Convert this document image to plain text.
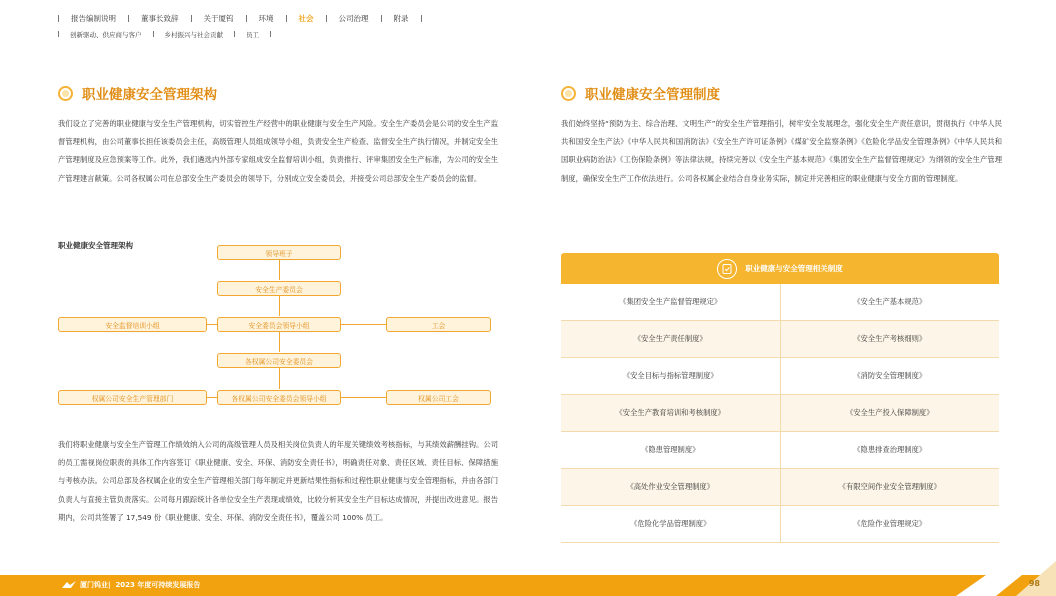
报告编制说明	董事长致辞	关于厦钨	环境	社会	公司治理	附录
创新驱动、供应商与客户	乡村振兴与社会贡献	员工
职业健康安全管理架构

我们设立了完善的职业健康与安全生产管理机构，切实管控生产经营中的职业健康与安全生产风险。安全生产委员会是公司的安全生产监督管理机构，由公司董事长担任该委员会主任，高级管理人员组成领导小组，负责安全生产检查、监督安全生产执行情况，并制定安全生产管理制度及应急预案等工作。此外，我们遴选内外部专家组成安全监督培训小组，负责推行、评审集团安全生产标准，为公司的安全生产管理建言献策。公司各权属公司在总部安全生产委员会的领导下，分别成立安全委员会，并接受公司总部安全生产委员会的监督。

职业健康安全管理架构
领导班子
安全生产委员会
安全监督培训小组	安全委员会领导小组	工会
各权属公司安全委员会
权属公司安全生产管理部门	各权属公司安全委员会领导小组	权属公司工会

我们将职业健康与安全生产管理工作绩效纳入公司的高级管理人员及相关岗位负责人的年度关键绩效考核指标，与其绩效薪酬挂钩。公司的员工需视岗位职责的具体工作内容签订《职业健康、安全、环保、消防安全责任书》，明确责任对象、责任区域、责任目标、保障措施与考核办法。公司总部及各权属企业的安全生产管理相关部门每年制定并更新结果性指标和过程性职业健康与安全管理指标，并由各部门负责人与直接主管负责落实。公司每月跟踪统计各单位安全生产表现或绩效，比较分析其安全生产目标达成情况，并提出改进意见。报告期内，公司共签署了 17,549 份《职业健康、安全、环保、消防安全责任书》，覆盖公司 100% 员工。

职业健康安全管理制度

我们始终坚持“预防为主、综合治理、文明生产”的安全生产管理指引，树牢安全发展理念，强化安全生产责任意识，贯彻执行《中华人民共和国安全生产法》《中华人民共和国消防法》《安全生产许可证条例》《煤矿安全监察条例》《危险化学品安全管理条例》《中华人民共和国职业病防治法》《工伤保险条例》等法律法规，持续完善以《安全生产基本规范》《集团安全生产监督管理规定》为纲领的安全生产管理制度，确保安全生产工作依法进行。公司各权属企业结合自身业务实际，制定并完善相应的职业健康与安全方面的管理制度。

职业健康与安全管理相关制度
《集团安全生产监督管理规定》	《安全生产基本规范》
《安全生产责任制度》	《安全生产考核细则》
《安全目标与指标管理制度》	《消防安全管理制度》
《安全生产教育培训和考核制度》	《安全生产投入保障制度》
《隐患管理制度》	《隐患排查治理制度》
《高处作业安全管理制度》	《有限空间作业安全管理制度》
《危险化学品管理制度》	《危险作业管理规定》
厦门钨业 |  2023 年度可持续发展报告	98
